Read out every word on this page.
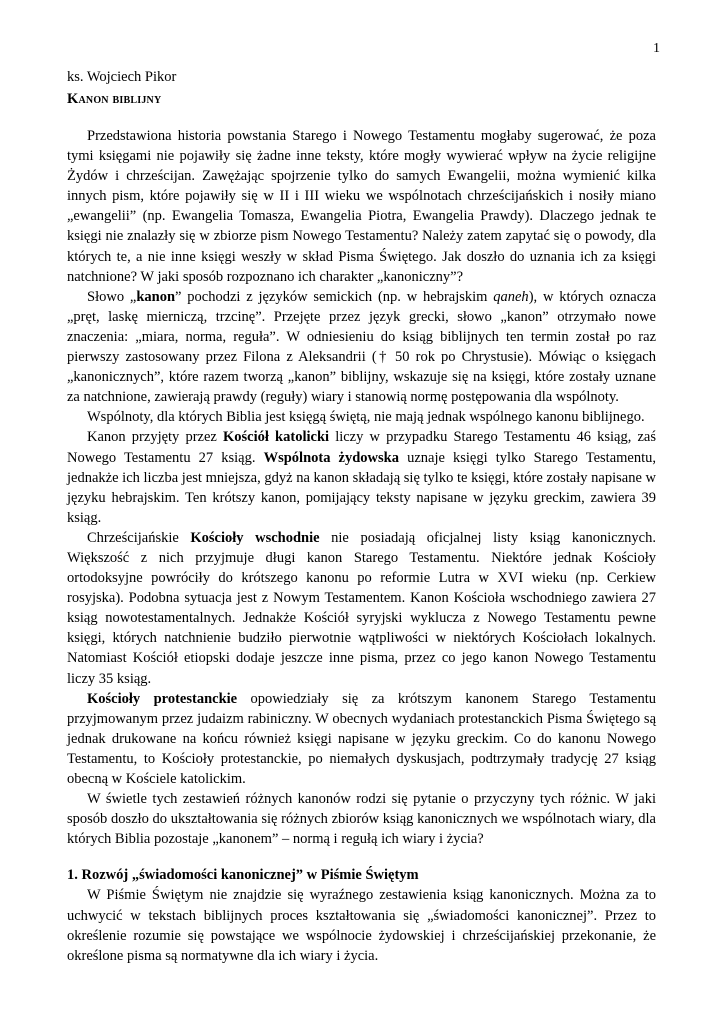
1
ks. Wojciech Pikor
Kanon biblijny

Przedstawiona historia powstania Starego i Nowego Testamentu mogłaby sugerować, że poza tymi księgami nie pojawiły się żadne inne teksty, które mogły wywierać wpływ na życie religijne Żydów i chrześcijan. Zawężając spojrzenie tylko do samych Ewangelii, można wymienić kilka innych pism, które pojawiły się w II i III wieku we wspólnotach chrześcijańskich i nosiły miano „ewangelii” (np. Ewangelia Tomasza, Ewangelia Piotra, Ewangelia Prawdy). Dlaczego jednak te księgi nie znalazły się w zbiorze pism Nowego Testamentu? Należy zatem zapytać się o powody, dla których te, a nie inne księgi weszły w skład Pisma Świętego. Jak doszło do uznania ich za księgi natchnione? W jaki sposób rozpoznano ich charakter „kanoniczny”?

Słowo „kanon” pochodzi z języków semickich (np. w hebrajskim qaneh), w których oznacza „pręt, laskę mierniczą, trzcinę”. Przejęte przez język grecki, słowo „kanon” otrzymało nowe znaczenia: „miara, norma, reguła”. W odniesieniu do ksiąg biblijnych ten termin został po raz pierwszy zastosowany przez Filona z Aleksandrii († 50 rok po Chrystusie). Mówiąc o księgach „kanonicznych”, które razem tworzą „kanon” biblijny, wskazuje się na księgi, które zostały uznane za natchnione, zawierają prawdy (reguły) wiary i stanowią normę postępowania dla wspólnoty.

Wspólnoty, dla których Biblia jest księgą świętą, nie mają jednak wspólnego kanonu biblijnego.

Kanon przyjęty przez Kościół katolicki liczy w przypadku Starego Testamentu 46 ksiąg, zaś Nowego Testamentu 27 ksiąg. Wspólnota żydowska uznaje księgi tylko Starego Testamentu, jednakże ich liczba jest mniejsza, gdyż na kanon składają się tylko te księgi, które zostały napisane w języku hebrajskim. Ten krótszy kanon, pomijający teksty napisane w języku greckim, zawiera 39 ksiąg.

Chrześcijańskie Kościoły wschodnie nie posiadają oficjalnej listy ksiąg kanonicznych. Większość z nich przyjmuje długi kanon Starego Testamentu. Niektóre jednak Kościoły ortodoksyjne powróciły do krótszego kanonu po reformie Lutra w XVI wieku (np. Cerkiew rosyjska). Podobna sytuacja jest z Nowym Testamentem. Kanon Kościoła wschodniego zawiera 27 ksiąg nowotestamentalnych. Jednakże Kościół syryjski wyklucza z Nowego Testamentu pewne księgi, których natchnienie budziło pierwotnie wątpliwości w niektórych Kościołach lokalnych. Natomiast Kościół etiopski dodaje jeszcze inne pisma, przez co jego kanon Nowego Testamentu liczy 35 ksiąg.

Kościoły protestanckie opowiedziały się za krótszym kanonem Starego Testamentu przyjmowanym przez judaizm rabiniczny. W obecnych wydaniach protestanckich Pisma Świętego są jednak drukowane na końcu również księgi napisane w języku greckim. Co do kanonu Nowego Testamentu, to Kościoły protestanckie, po niemałych dyskusjach, podtrzymały tradycję 27 ksiąg obecną w Kościele katolickim.

W świetle tych zestawień różnych kanonów rodzi się pytanie o przyczyny tych różnic. W jaki sposób doszło do ukształtowania się różnych zbiorów ksiąg kanonicznych we wspólnotach wiary, dla których Biblia pozostaje „kanonem” – normą i regułą ich wiary i życia?

1. Rozwój „świadomości kanonicznej” w Piśmie Świętym

W Piśmie Świętym nie znajdzie się wyraźnego zestawienia ksiąg kanonicznych. Można za to uchwycić w tekstach biblijnych proces kształtowania się „świadomości kanonicznej”. Przez to określenie rozumie się powstające we wspólnocie żydowskiej i chrześcijańskiej przekonanie, że określone pisma są normatywne dla ich wiary i życia.
